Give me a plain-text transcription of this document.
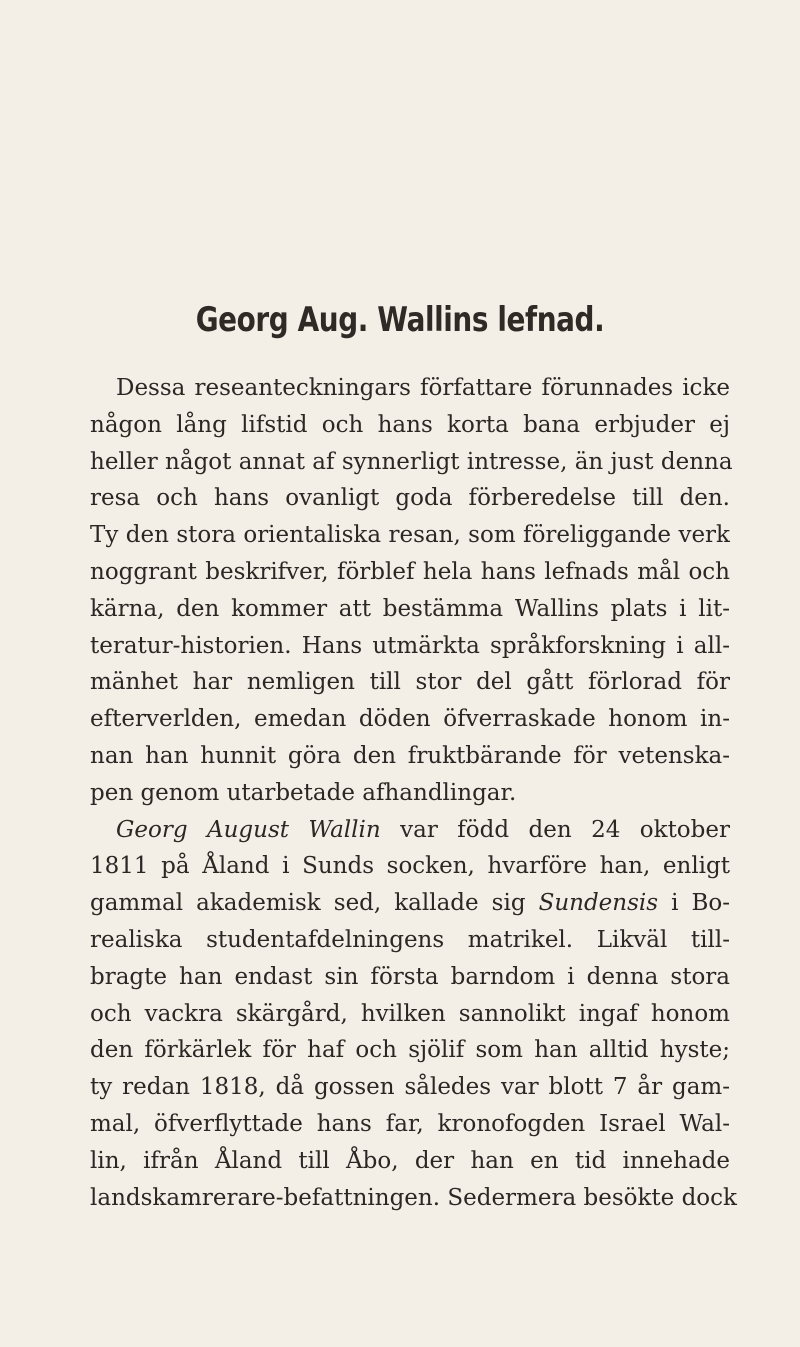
Georg Aug. Wallins lefnad.
Dessa reseanteckningars författare förunnades icke
någon lång lifstid och hans korta bana erbjuder ej
heller något annat af synnerligt intresse, än just denna
resa och hans ovanligt goda förberedelse till den.
Ty den stora orientaliska resan, som föreliggande verk
noggrant beskrifver, förblef hela hans lefnads mål och
kärna, den kommer att bestämma Wallins plats i lit-
teratur-historien. Hans utmärkta språkforskning i all-
mänhet har nemligen till stor del gått förlorad för
efterverlden, emedan döden öfverraskade honom in-
nan han hunnit göra den fruktbärande för vetenska-
pen genom utarbetade afhandlingar.
Georg August Wallin var född den 24 oktober
1811 på Åland i Sunds socken, hvarföre han, enligt
gammal akademisk sed, kallade sig Sundensis i Bo-
realiska studentafdelningens matrikel. Likväl till-
bragte han endast sin första barndom i denna stora
och vackra skärgård, hvilken sannolikt ingaf honom
den förkärlek för haf och sjölif som han alltid hyste;
ty redan 1818, då gossen således var blott 7 år gam-
mal, öfverflyttade hans far, kronofogden Israel Wal-
lin, ifrån Åland till Åbo, der han en tid innehade
landskamrerare-befattningen. Sedermera besökte dock
